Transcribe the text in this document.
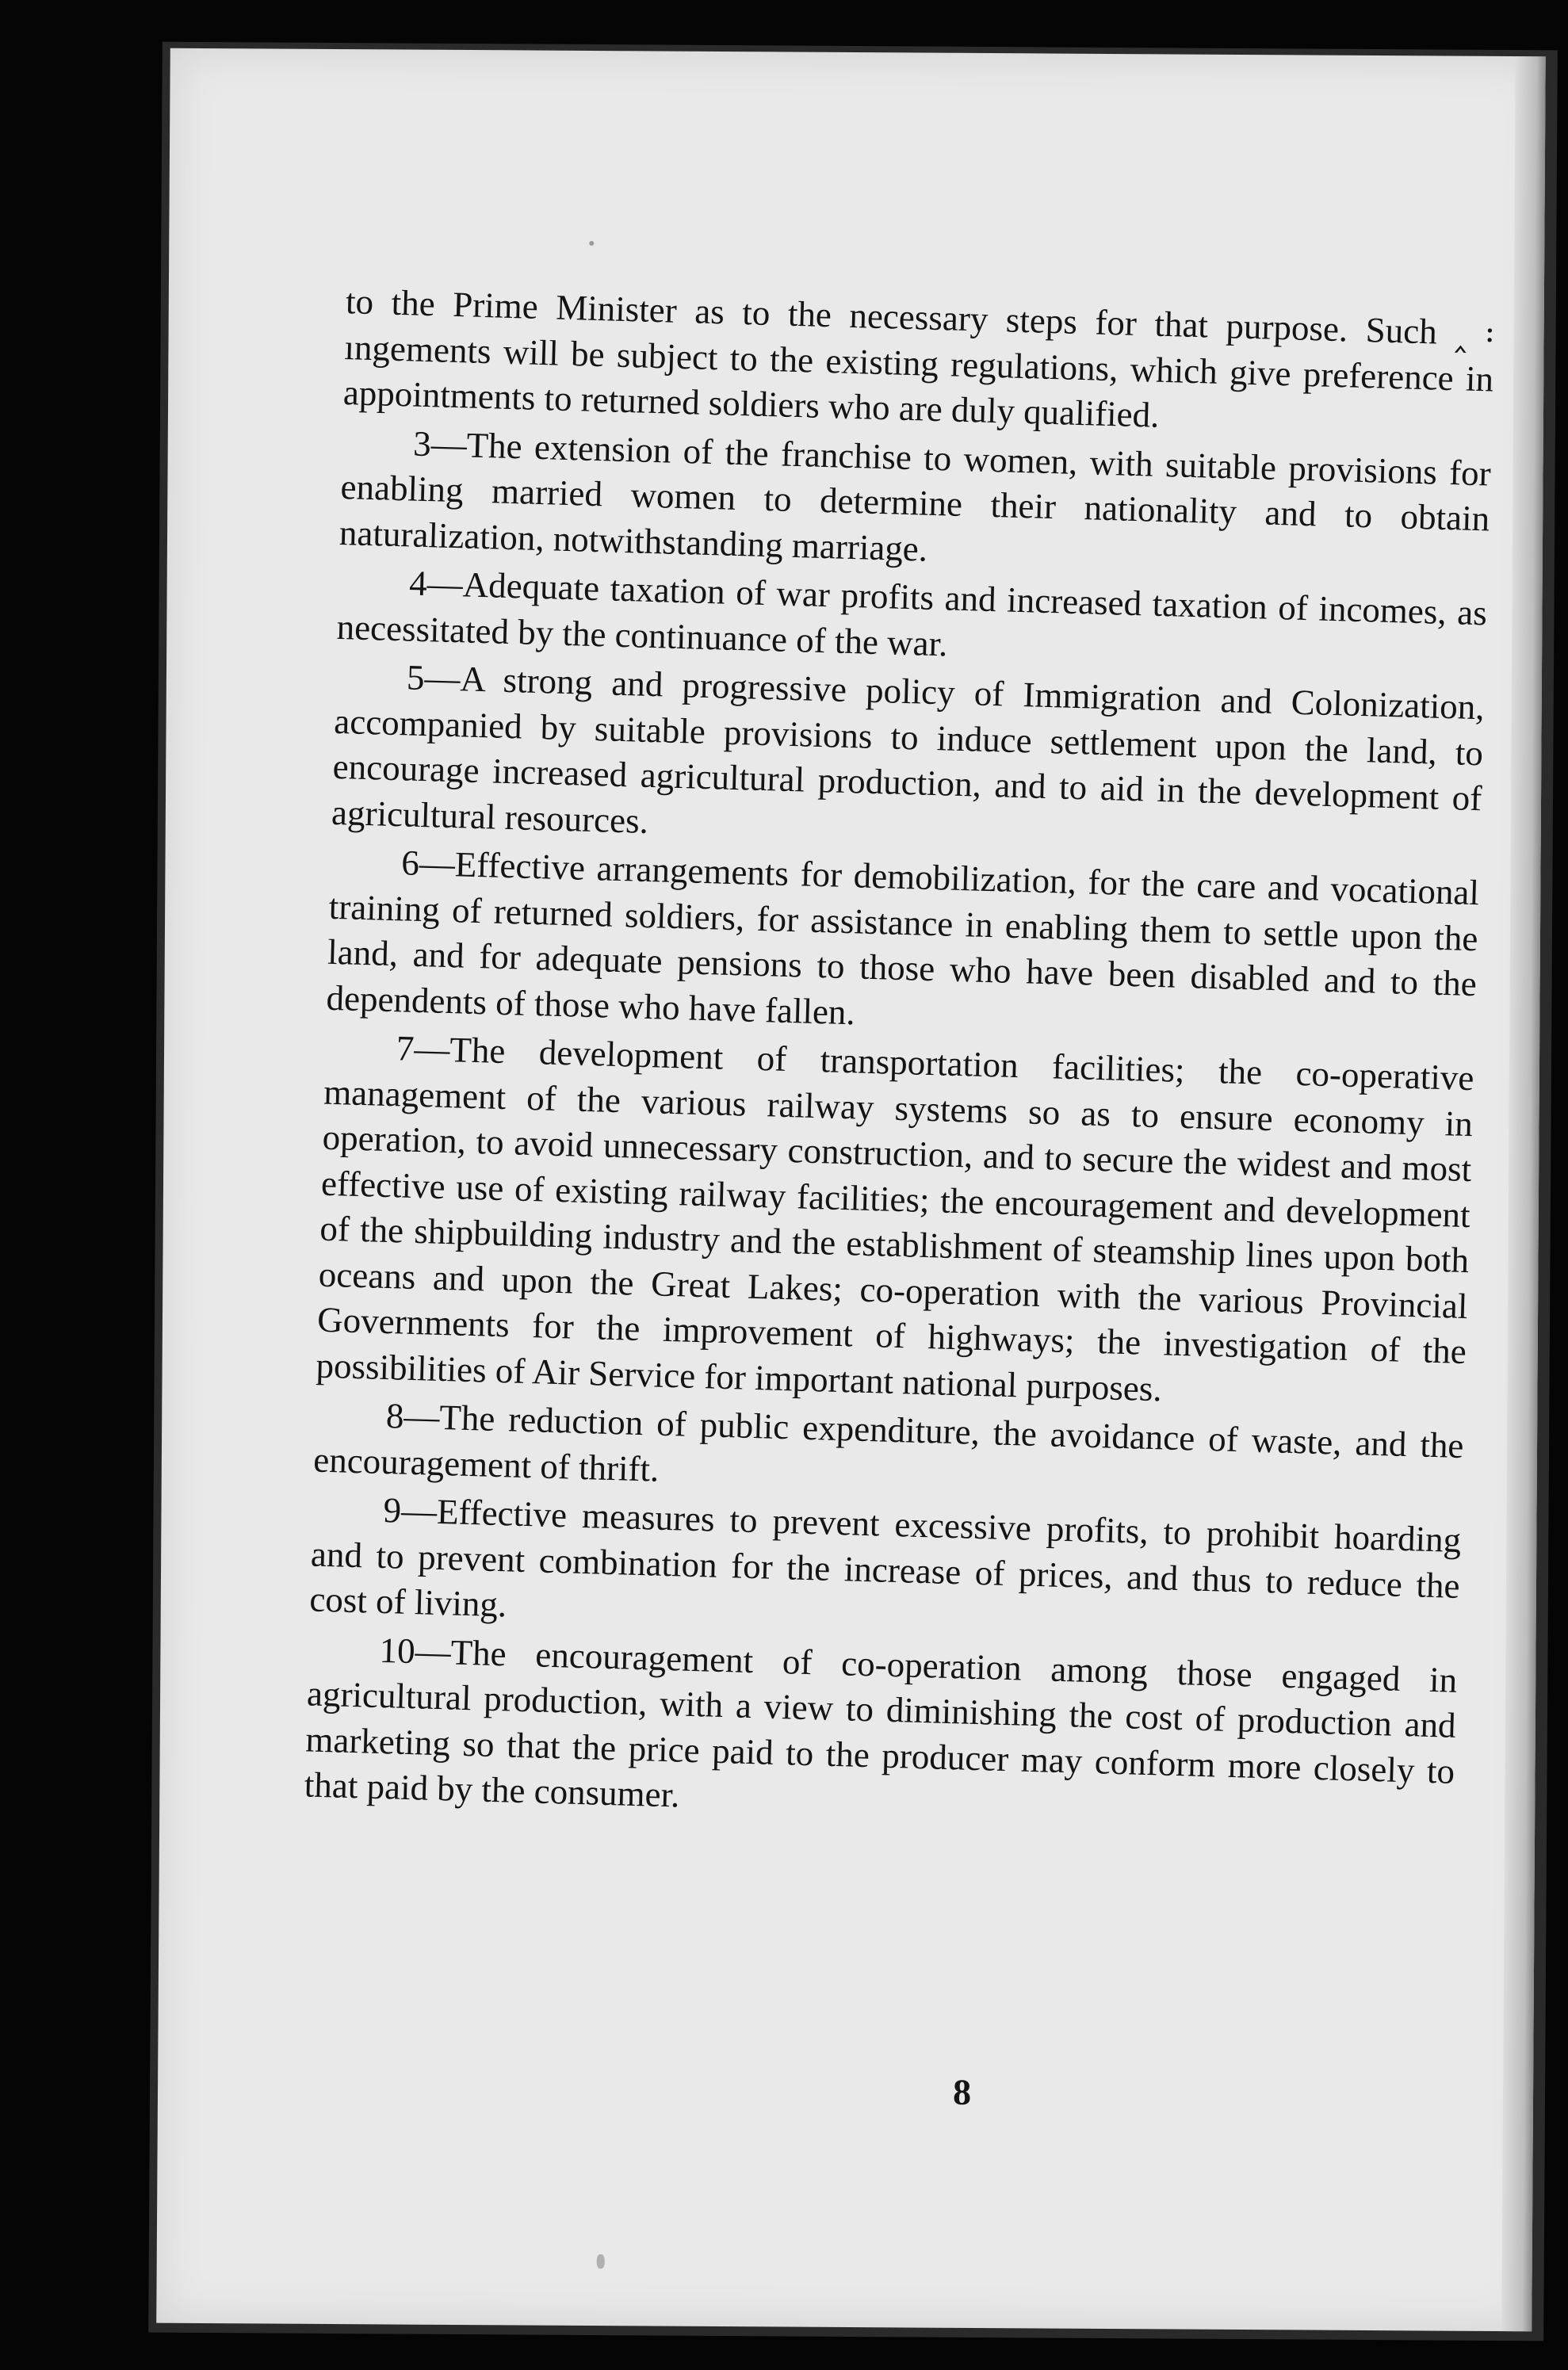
to the Prime Minister as to the necessary steps for that purpose. Such ‸ ꞉ ıngements will be subject to the existing regulations, which give preference in appointments to returned soldiers who are duly qualified.

3—The extension of the franchise to women, with suitable provisions for enabling married women to determine their nationality and to obtain naturalization, notwithstanding marriage.

4—Adequate taxation of war profits and increased taxation of incomes, as necessitated by the continuance of the war.

5—A strong and progressive policy of Immigration and Colonization, accompanied by suitable provisions to induce settlement upon the land, to encourage increased agricultural production, and to aid in the development of agricultural resources.

6—Effective arrangements for demobilization, for the care and vocational training of returned soldiers, for assistance in enabling them to settle upon the land, and for adequate pensions to those who have been disabled and to the dependents of those who have fallen.

7—The development of transportation facilities; the co-operative management of the various railway systems so as to ensure economy in operation, to avoid unnecessary construction, and to secure the widest and most effective use of existing railway facilities; the encouragement and development of the shipbuilding industry and the establishment of steamship lines upon both oceans and upon the Great Lakes; co-operation with the various Provincial Governments for the improvement of highways; the investigation of the possibilities of Air Service for important national purposes.

8—The reduction of public expenditure, the avoidance of waste, and the encouragement of thrift.

9—Effective measures to prevent excessive profits, to prohibit hoarding and to prevent combination for the increase of prices, and thus to reduce the cost of living.

10—The encouragement of co-operation among those engaged in agricultural production, with a view to diminishing the cost of production and marketing so that the price paid to the producer may conform more closely to that paid by the consumer.

8
